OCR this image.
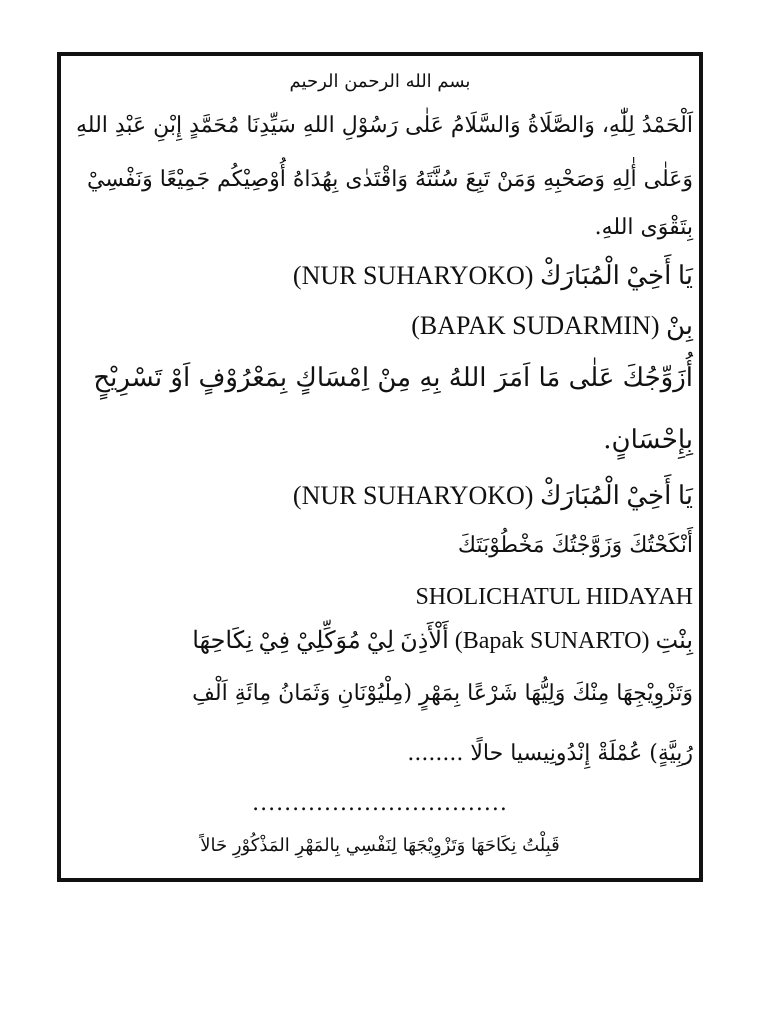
بسم الله الرحمن الرحيم
اَلْحَمْدُ لِلّٰهِ، وَالصَّلَاةُ وَالسَّلَامُ عَلٰى رَسُوْلِ اللهِ سَيِّدِنَا مُحَمَّدٍ إِبْنِ عَبْدِ اللهِ
وَعَلٰى أٰلِهِ وَصَحْبِهِ وَمَنْ تَبِعَ سُنَّتَهُ وَاقْتَدٰى بِهُدَاهُ أُوْصِيْكُم جَمِيْعًا وَنَفْسِيْ
بِتَقْوَى اللهِ.
يَا أَخِيْ الْمُبَارَكْ (NUR SUHARYOKO)
بِنْ (BAPAK SUDARMIN)
أُزَوِّجُكَ عَلٰى مَا اَمَرَ اللهُ بِهِ مِنْ اِمْسَاكٍ بِمَعْرُوْفٍ اَوْ تَسْرِيْحٍ
بِإِحْسَانٍ.
يَا أَخِيْ الْمُبَارَكْ (NUR SUHARYOKO)
أَنْكَحْتُكَ وَزَوَّجْتُكَ مَخْطُوْبَتَكَ
SHOLICHATUL HIDAYAH
بِنْتِ (Bapak SUNARTO) أَلْأَذِنَ لِيْ مُوَكِّلِيْ فِيْ نِكَاحِهَا
وَتَزْوِيْجِهَا مِنْكَ وَلِيُّهَا شَرْعًا بِمَهْرٍ (مِلْيُوْنَانِ وَثَمَانُ مِائَةِ اَلْفِ
رُبِيَّةٍ) عُمْلَةْ إِنْدُونِيسيا حالًا ........
................................
قَبِلْتُ نِكَاحَهَا وَتَزْوِيْجَهَا لِنَفْسِي بِالمَهْرِ المَذْكُوْرِ حَالاً
